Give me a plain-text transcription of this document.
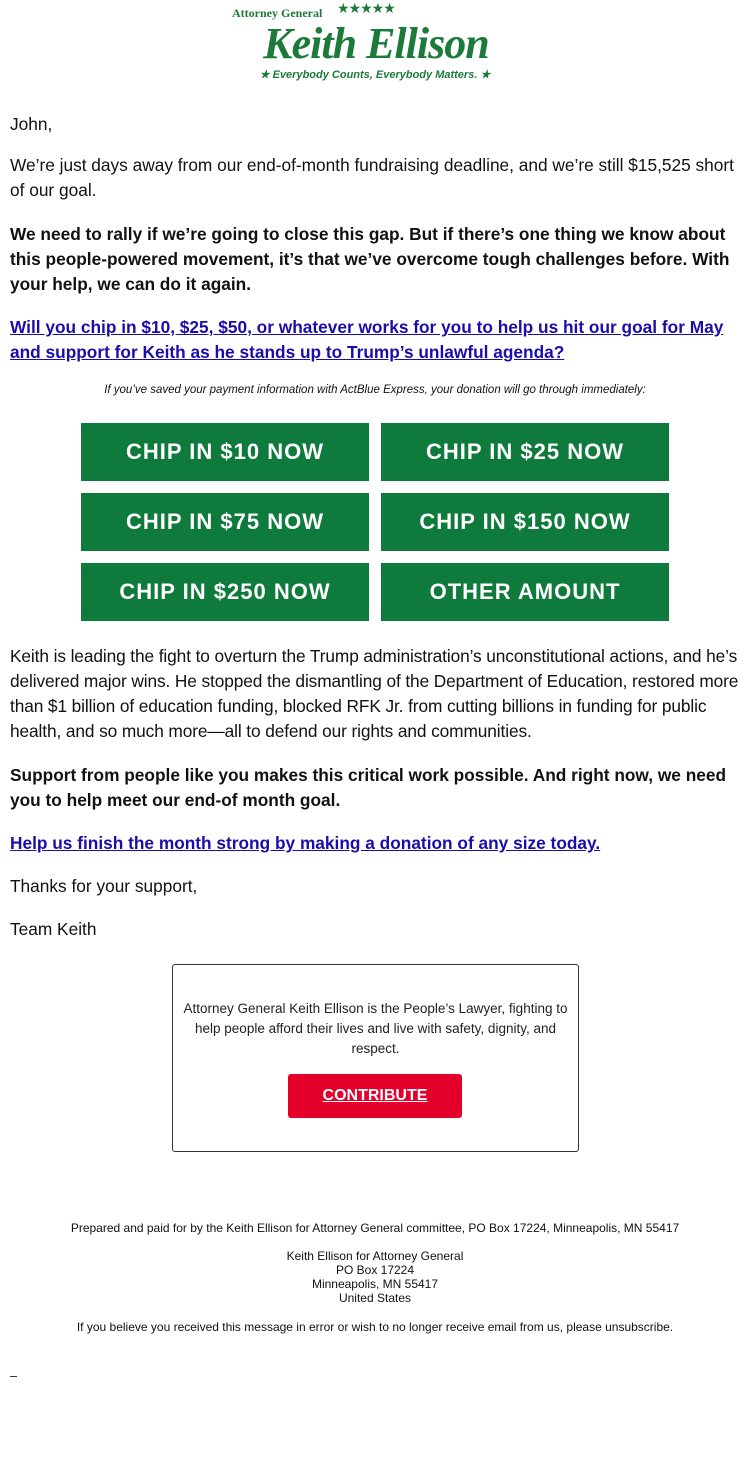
Attorney General ★★★★★
Keith Ellison
★ Everybody Counts, Everybody Matters. ★

John,

We’re just days away from our end-of-month fundraising deadline, and we’re still $15,525 short of our goal.

We need to rally if we’re going to close this gap. But if there’s one thing we know about this people-powered movement, it’s that we’ve overcome tough challenges before. With your help, we can do it again.

Will you chip in $10, $25, $50, or whatever works for you to help us hit our goal for May and support for Keith as he stands up to Trump’s unlawful agenda?

If you’ve saved your payment information with ActBlue Express, your donation will go through immediately:
CHIP IN $10 NOW	CHIP IN $25 NOW
CHIP IN $75 NOW	CHIP IN $150 NOW
CHIP IN $250 NOW	OTHER AMOUNT

Keith is leading the fight to overturn the Trump administration’s unconstitutional actions, and he’s delivered major wins. He stopped the dismantling of the Department of Education, restored more than $1 billion of education funding, blocked RFK Jr. from cutting billions in funding for public health, and so much more—all to defend our rights and communities.

Support from people like you makes this critical work possible. And right now, we need you to help meet our end-of month goal.

Help us finish the month strong by making a donation of any size today.

Thanks for your support,

Team Keith

Attorney General Keith Ellison is the People’s Lawyer, fighting to help people afford their lives and live with safety, dignity, and respect.
CONTRIBUTE
Prepared and paid for by the Keith Ellison for Attorney General committee, PO Box 17224, Minneapolis, MN 55417
Keith Ellison for Attorney General
PO Box 17224
Minneapolis, MN 55417
United States
If you believe you received this message in error or wish to no longer receive email from us, please unsubscribe.
